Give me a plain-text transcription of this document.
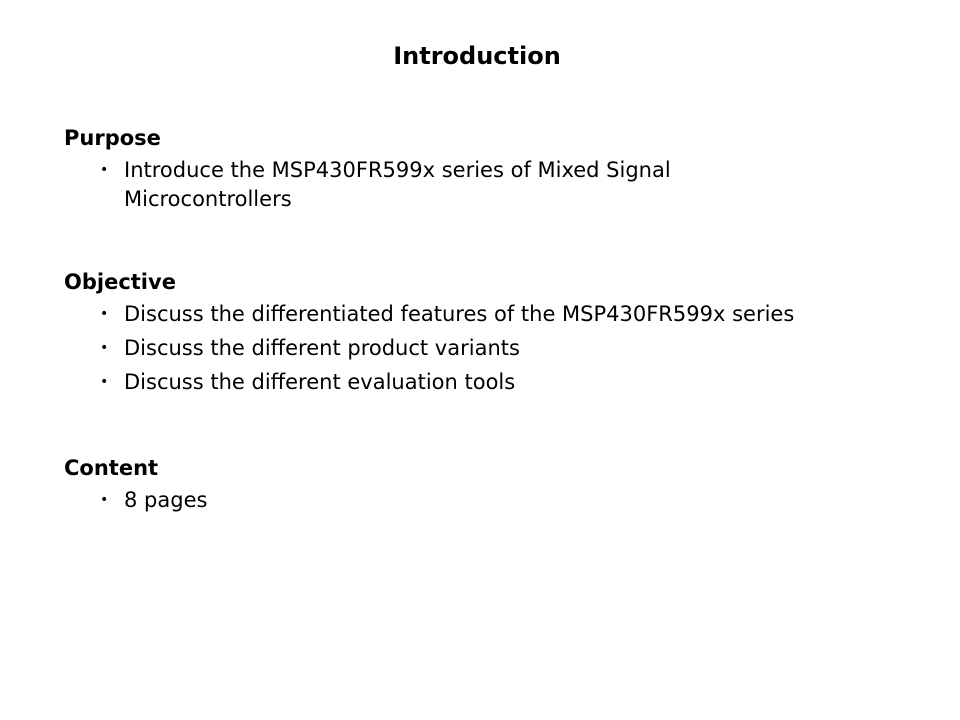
Introduction
Purpose
• Introduce the MSP430FR599x series of Mixed Signal Microcontrollers
Objective
• Discuss the differentiated features of the MSP430FR599x series
• Discuss the different product variants
• Discuss the different evaluation tools
Content
• 8 pages
